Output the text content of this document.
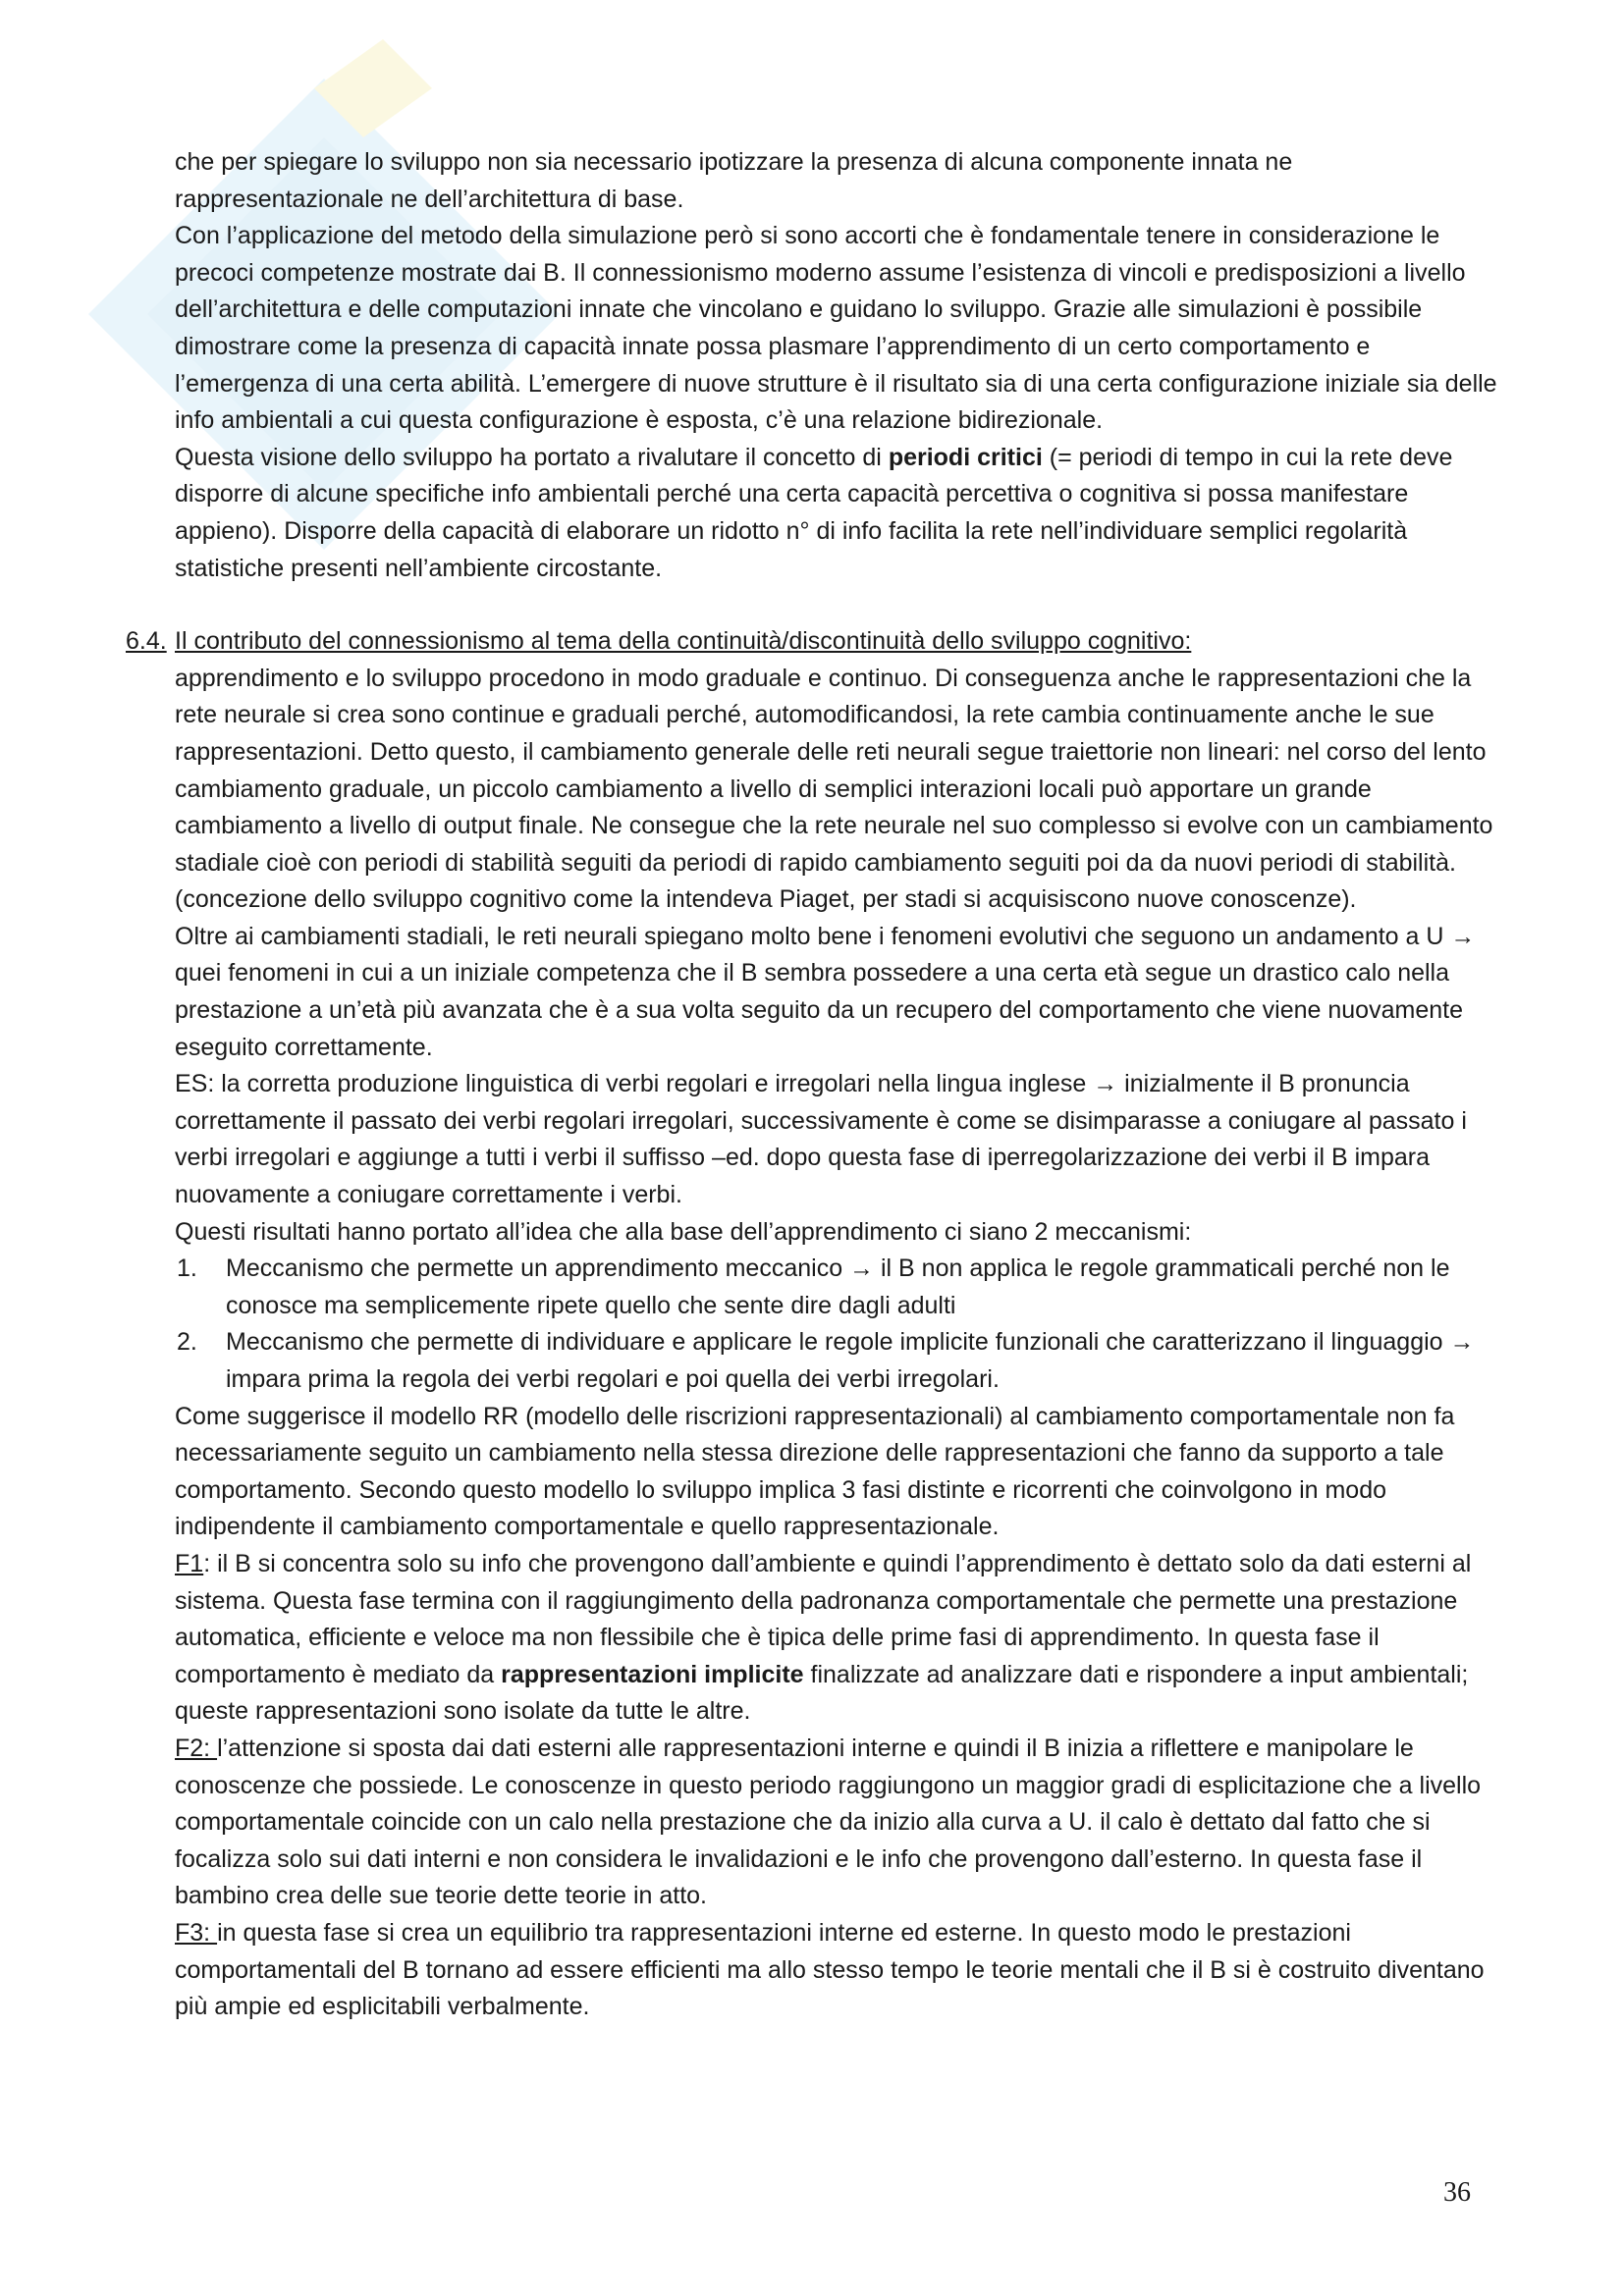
che per spiegare lo sviluppo non sia necessario ipotizzare la presenza di alcuna componente innata ne rappresentazionale ne dell’architettura di base.

Con l’applicazione del metodo della simulazione però si sono accorti che è fondamentale tenere in considerazione le precoci competenze mostrate dai B. Il connessionismo moderno assume l’esistenza di vincoli e predisposizioni a livello dell’architettura e delle computazioni innate che vincolano e guidano lo sviluppo. Grazie alle simulazioni è possibile dimostrare come la presenza di capacità innate possa plasmare l’apprendimento di un certo comportamento e l’emergenza di una certa abilità. L’emergere di nuove strutture è il risultato sia di una certa configurazione iniziale sia delle info ambientali a cui questa configurazione è esposta, c’è una relazione bidirezionale.

Questa visione dello sviluppo ha portato a rivalutare il concetto di periodi critici (= periodi di tempo in cui la rete deve disporre di alcune specifiche info ambientali perché una certa capacità percettiva o cognitiva si possa manifestare appieno). Disporre della capacità di elaborare un ridotto n° di info facilita la rete nell’individuare semplici regolarità statistiche presenti nell’ambiente circostante.

6.4. Il contributo del connessionismo al tema della continuità/discontinuità dello sviluppo cognitivo:

apprendimento e lo sviluppo procedono in modo graduale e continuo. Di conseguenza anche le rappresentazioni che la rete neurale si crea sono continue e graduali perché, automodificandosi, la rete cambia continuamente anche le sue rappresentazioni. Detto questo, il cambiamento generale delle reti neurali segue traiettorie non lineari: nel corso del lento cambiamento graduale, un piccolo cambiamento a livello di semplici interazioni locali può apportare un grande cambiamento a livello di output finale. Ne consegue che la rete neurale nel suo complesso si evolve con un cambiamento stadiale cioè con periodi di stabilità seguiti da periodi di rapido cambiamento seguiti poi da da nuovi periodi di stabilità. (concezione dello sviluppo cognitivo come la intendeva Piaget, per stadi si acquisiscono nuove conoscenze).

Oltre ai cambiamenti stadiali, le reti neurali spiegano molto bene i fenomeni evolutivi che seguono un andamento a U → quei fenomeni in cui a un iniziale competenza che il B sembra possedere a una certa età segue un drastico calo nella prestazione a un’età più avanzata che è a sua volta seguito da un recupero del comportamento che viene nuovamente eseguito correttamente.

ES: la corretta produzione linguistica di verbi regolari e irregolari nella lingua inglese → inizialmente il B pronuncia correttamente il passato dei verbi regolari irregolari, successivamente è come se disimparasse a coniugare al passato i verbi irregolari e aggiunge a tutti i verbi il suffisso –ed. dopo questa fase di iperregolarizzazione dei verbi il B impara nuovamente a coniugare correttamente i verbi.

Questi risultati hanno portato all’idea che alla base dell’apprendimento ci siano 2 meccanismi:

1. Meccanismo che permette un apprendimento meccanico → il B non applica le regole grammaticali perché non le conosce ma semplicemente ripete quello che sente dire dagli adulti
2. Meccanismo che permette di individuare e applicare le regole implicite funzionali che caratterizzano il linguaggio → impara prima la regola dei verbi regolari e poi quella dei verbi irregolari.

Come suggerisce il modello RR (modello delle riscrizioni rappresentazionali) al cambiamento comportamentale non fa necessariamente seguito un cambiamento nella stessa direzione delle rappresentazioni che fanno da supporto a tale comportamento. Secondo questo modello lo sviluppo implica 3 fasi distinte e ricorrenti che coinvolgono in modo indipendente il cambiamento comportamentale e quello rappresentazionale.

F1: il B si concentra solo su info che provengono dall’ambiente e quindi l’apprendimento è dettato solo da dati esterni al sistema. Questa fase termina con il raggiungimento della padronanza comportamentale che permette una prestazione automatica, efficiente e veloce ma non flessibile che è tipica delle prime fasi di apprendimento. In questa fase il comportamento è mediato da rappresentazioni implicite finalizzate ad analizzare dati e rispondere a input ambientali; queste rappresentazioni sono isolate da tutte le altre.

F2: l’attenzione si sposta dai dati esterni alle rappresentazioni interne e quindi il B inizia a riflettere e manipolare le conoscenze che possiede. Le conoscenze in questo periodo raggiungono un maggior gradi di esplicitazione che a livello comportamentale coincide con un calo nella prestazione che da inizio alla curva a U. il calo è dettato dal fatto che si focalizza solo sui dati interni e non considera le invalidazioni e le info che provengono dall’esterno. In questa fase il bambino crea delle sue teorie dette teorie in atto.

F3: in questa fase si crea un equilibrio tra rappresentazioni interne ed esterne. In questo modo le prestazioni comportamentali del B tornano ad essere efficienti ma allo stesso tempo le teorie mentali che il B si è costruito diventano più ampie ed esplicitabili verbalmente.

36
